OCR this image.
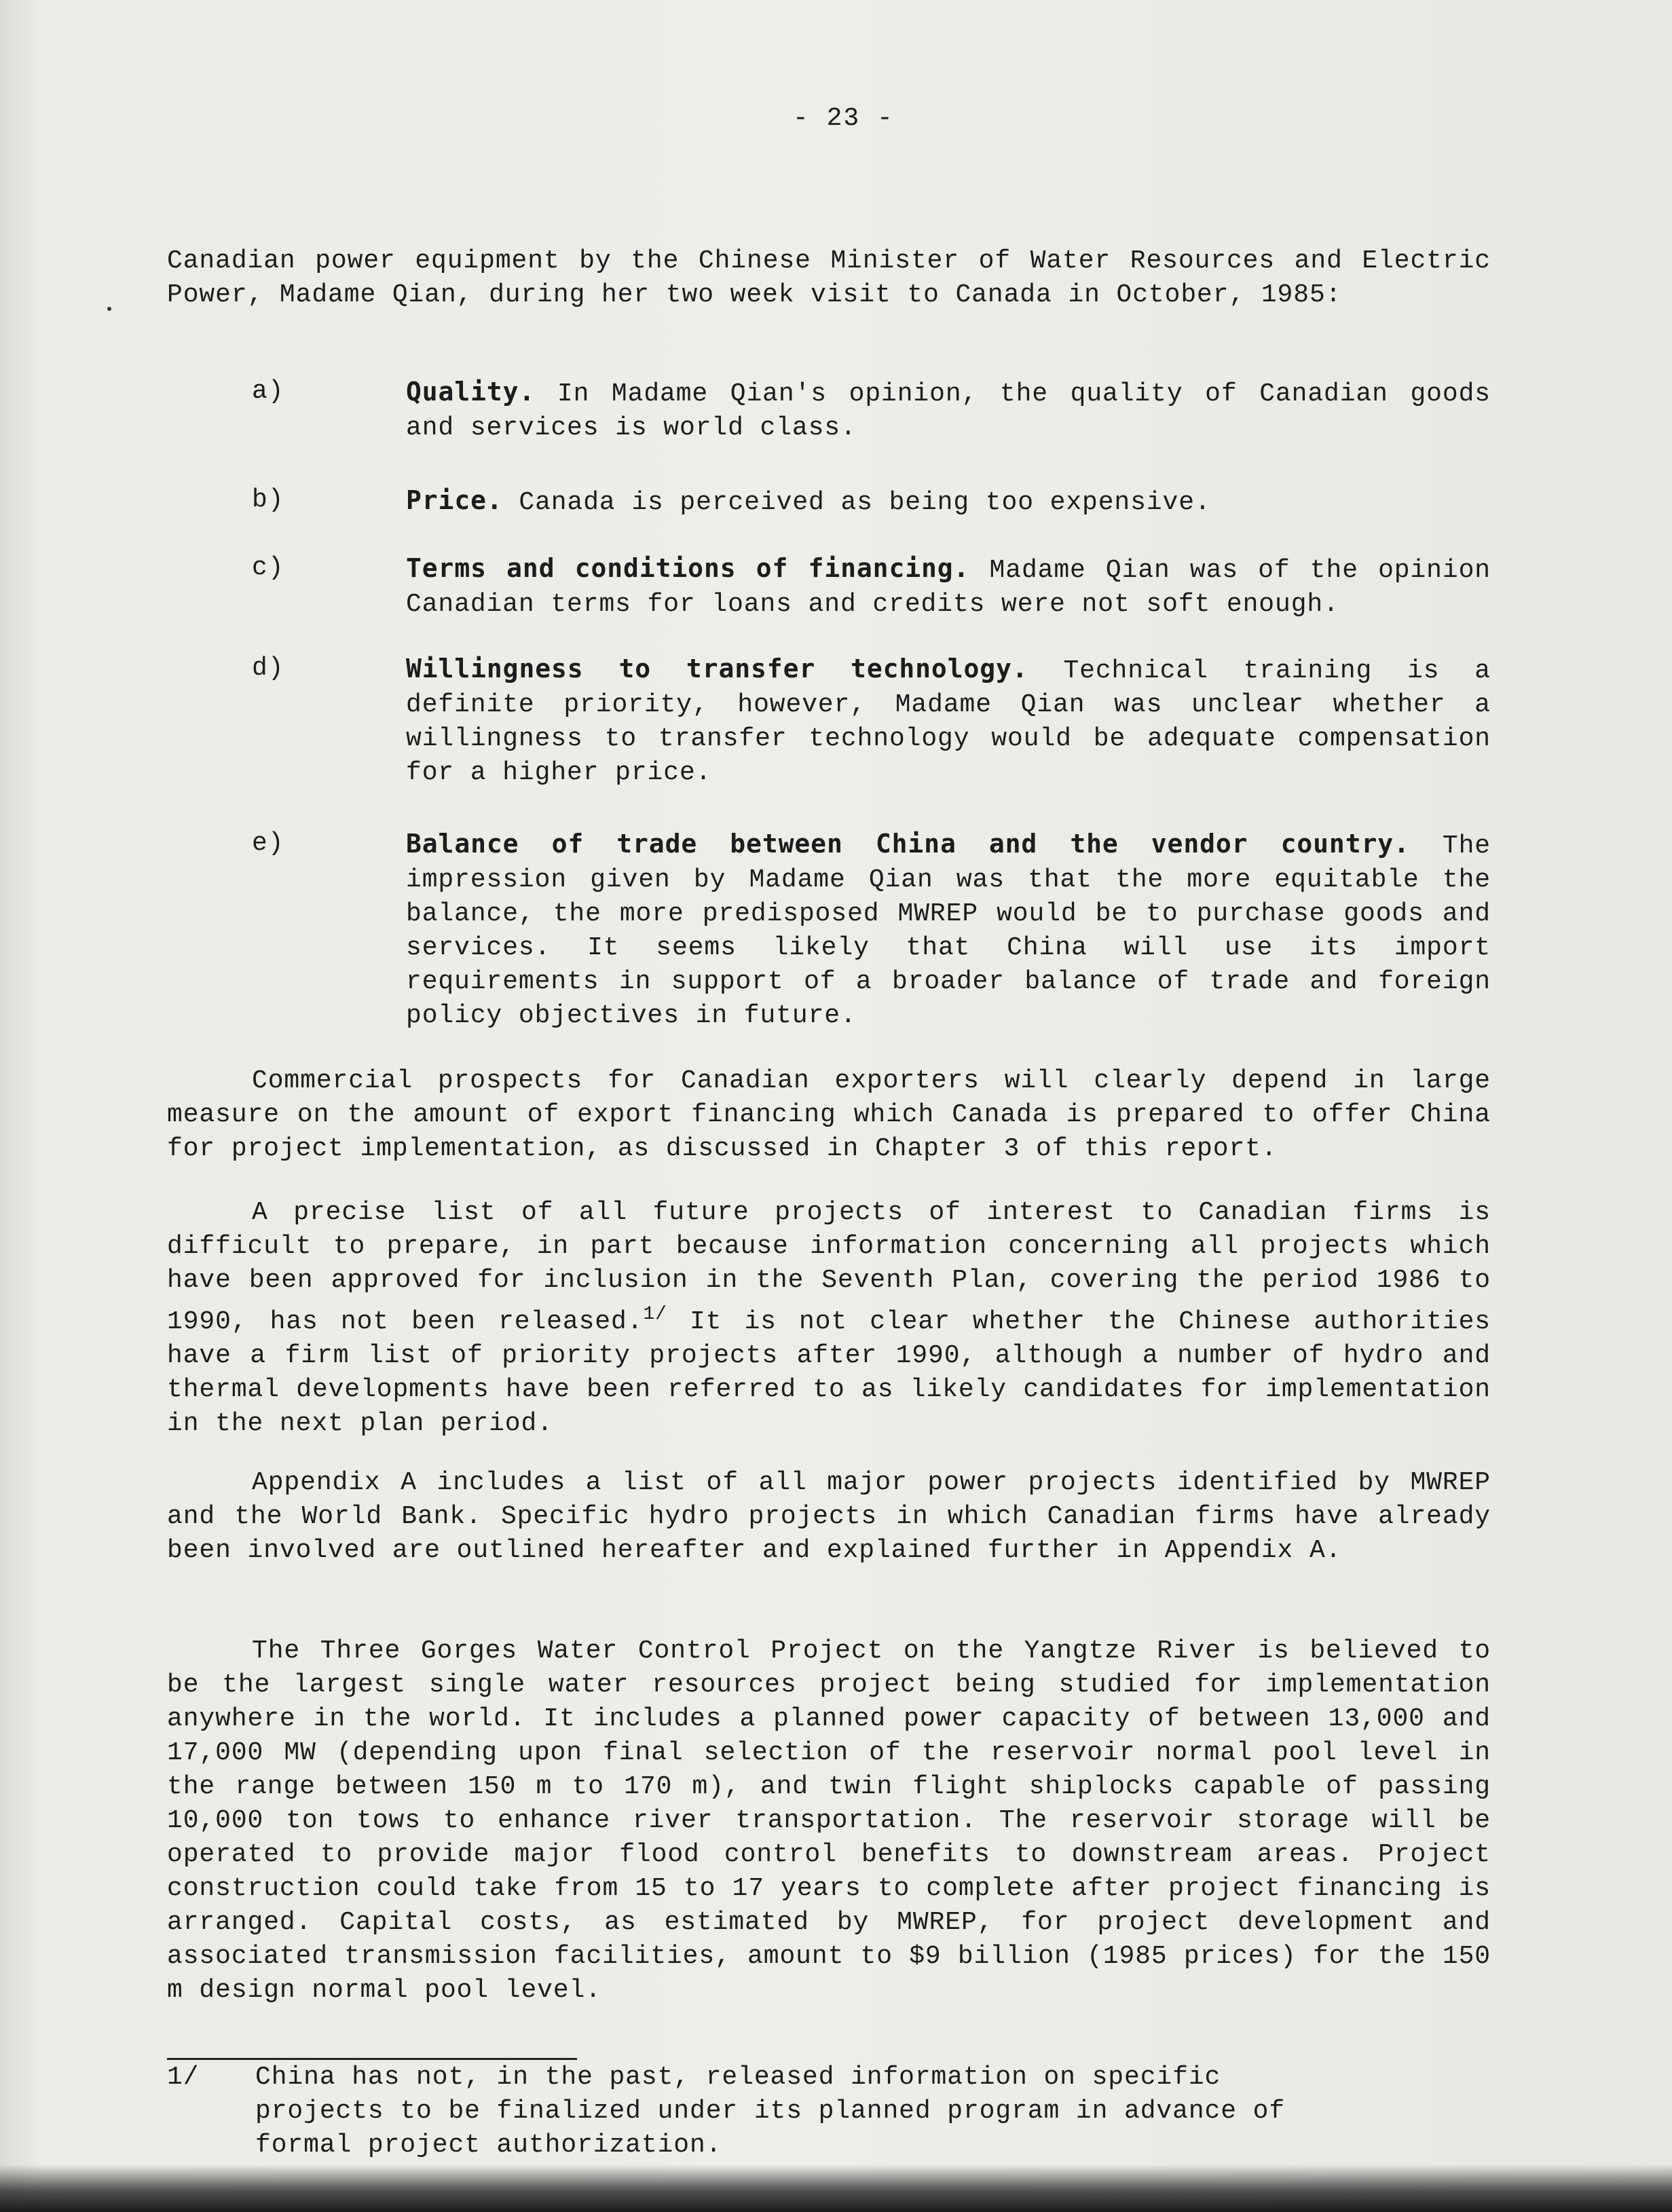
- 23 -

Canadian power equipment by the Chinese Minister of Water Resources and Electric Power, Madame Qian, during her two week visit to Canada in October, 1985:

a)	Quality. In Madame Qian's opinion, the quality of Canadian goods and services is world class.

b)	Price. Canada is perceived as being too expensive.

c)	Terms and conditions of financing. Madame Qian was of the opinion Canadian terms for loans and credits were not soft enough.

d)	Willingness to transfer technology. Technical training is a definite priority, however, Madame Qian was unclear whether a willingness to transfer technology would be adequate compensation for a higher price.

e)	Balance of trade between China and the vendor country. The impression given by Madame Qian was that the more equitable the balance, the more predisposed MWREP would be to purchase goods and services. It seems likely that China will use its import requirements in support of a broader balance of trade and foreign policy objectives in future.

Commercial prospects for Canadian exporters will clearly depend in large measure on the amount of export financing which Canada is prepared to offer China for project implementation, as discussed in Chapter 3 of this report.

A precise list of all future projects of interest to Canadian firms is difficult to prepare, in part because information concerning all projects which have been approved for inclusion in the Seventh Plan, covering the period 1986 to 1990, has not been released.$^{1/}$ It is not clear whether the Chinese authorities have a firm list of priority projects after 1990, although a number of hydro and thermal developments have been referred to as likely candidates for implementation in the next plan period.

Appendix A includes a list of all major power projects identified by MWREP and the World Bank. Specific hydro projects in which Canadian firms have already been involved are outlined hereafter and explained further in Appendix A.

The Three Gorges Water Control Project on the Yangtze River is believed to be the largest single water resources project being studied for implementation anywhere in the world. It includes a planned power capacity of between 13,000 and 17,000 MW (depending upon final selection of the reservoir normal pool level in the range between 150 m to 170 m), and twin flight shiplocks capable of passing 10,000 ton tows to enhance river transportation. The reservoir storage will be operated to provide major flood control benefits to downstream areas. Project construction could take from 15 to 17 years to complete after project financing is arranged. Capital costs, as estimated by MWREP, for project development and associated transmission facilities, amount to $9 billion (1985 prices) for the 150 m design normal pool level.

1/ China has not, in the past, released information on specific projects to be finalized under its planned program in advance of formal project authorization.
